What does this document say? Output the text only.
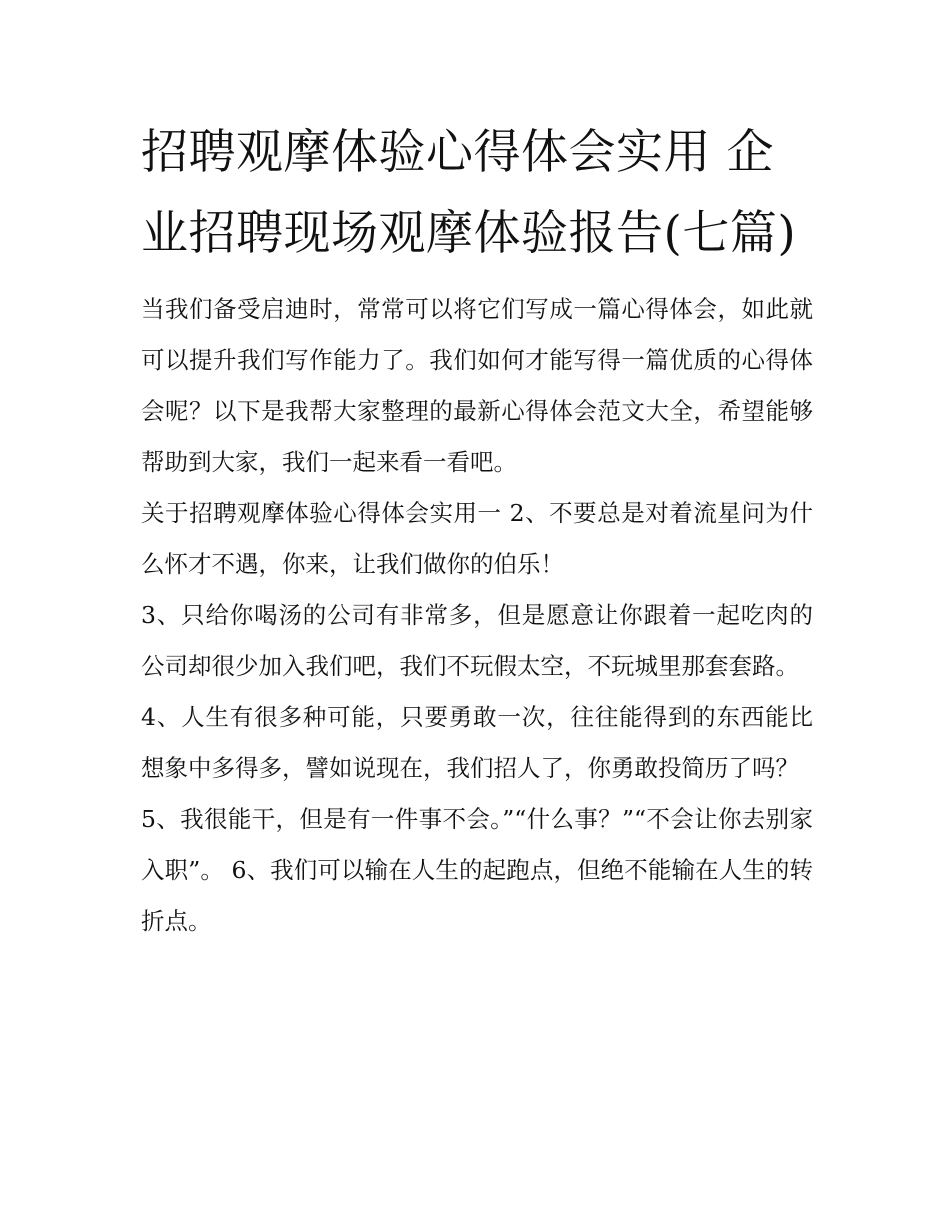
招聘观摩体验心得体会实用 企业招聘现场观摩体验报告(七篇)

当我们备受启迪时，常常可以将它们写成一篇心得体会，如此就可以提升我们写作能力了。我们如何才能写得一篇优质的心得体会呢？以下是我帮大家整理的最新心得体会范文大全，希望能够帮助到大家，我们一起来看一看吧。

关于招聘观摩体验心得体会实用一 2、不要总是对着流星问为什么怀才不遇，你来，让我们做你的伯乐！

3、只给你喝汤的公司有非常多，但是愿意让你跟着一起吃肉的公司却很少加入我们吧，我们不玩假太空，不玩城里那套套路。

4、人生有很多种可能，只要勇敢一次，往往能得到的东西能比想象中多得多，譬如说现在，我们招人了，你勇敢投简历了吗？

5、我很能干，但是有一件事不会。”“什么事？”“不会让你去别家入职”。 6、我们可以输在人生的起跑点，但绝不能输在人生的转折点。
